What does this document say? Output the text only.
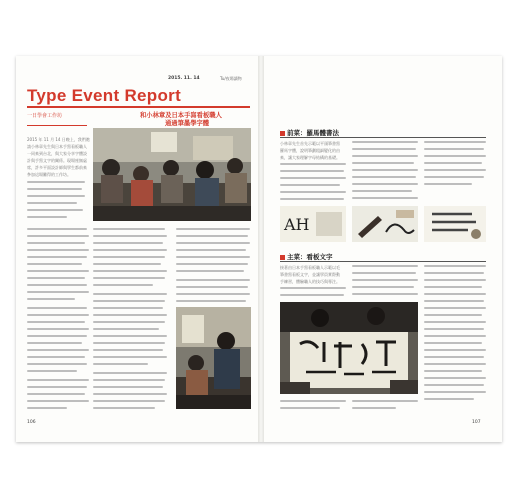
2015. 11. 14	Tu/夜場讀物
Type Event Report
一日學會工作坊	和小林章及日本手寫看板職人
通過筆墨學字體
2015 年 11 月 14 日晚上，我們邀
請小林章先生與日本手寫看板職人
一同來到台北，與大家分享字體設
計與手寫文字的關係。現場座無虛
席，許多平面設計師與學生都前來
參加這場難得的工作坊。
106
前菜：羅馬體書法
小林章先生首先示範以平頭筆書寫
羅馬字體，說明筆劃粗細變化的由
來，讓大家理解字母結構的基礎。
AH
主菜：看板文字
接著由日本手寫看板職人示範以毛
筆書寫看板文字，並讓學員實際動
手練習，體驗職人的技巧與專注。
107
